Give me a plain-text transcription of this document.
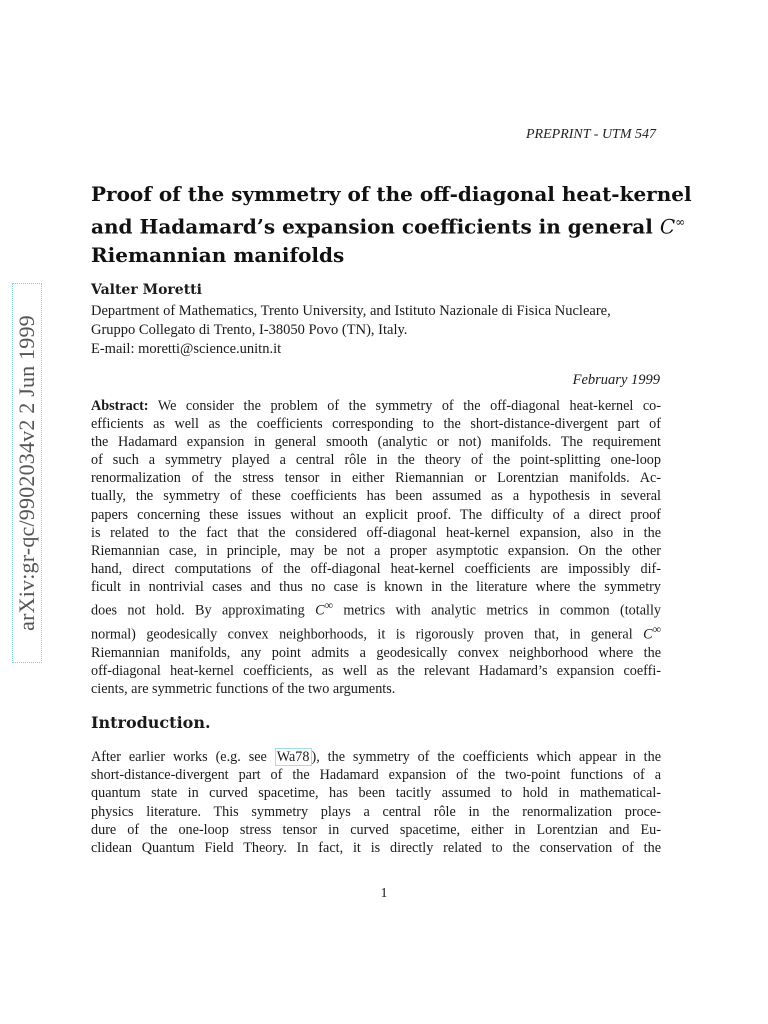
arXiv:gr-qc/9902034v2 2 Jun 1999
PREPRINT - UTM 547
Proof of the symmetry of the off-diagonal heat-kernel
and Hadamard’s expansion coefficients in general C∞
Riemannian manifolds
Valter Moretti
Department of Mathematics, Trento University, and Istituto Nazionale di Fisica Nucleare,
Gruppo Collegato di Trento, I-38050 Povo (TN), Italy.
E-mail: moretti@science.unitn.it
February 1999
Abstract: We consider the problem of the symmetry of the off-diagonal heat-kernel co-
efficients as well as the coefficients corresponding to the short-distance-divergent part of
the Hadamard expansion in general smooth (analytic or not) manifolds. The requirement
of such a symmetry played a central rôle in the theory of the point-splitting one-loop
renormalization of the stress tensor in either Riemannian or Lorentzian manifolds. Ac-
tually, the symmetry of these coefficients has been assumed as a hypothesis in several
papers concerning these issues without an explicit proof. The difficulty of a direct proof
is related to the fact that the considered off-diagonal heat-kernel expansion, also in the
Riemannian case, in principle, may be not a proper asymptotic expansion. On the other
hand, direct computations of the off-diagonal heat-kernel coefficients are impossibly dif-
ficult in nontrivial cases and thus no case is known in the literature where the symmetry
does not hold. By approximating C∞ metrics with analytic metrics in common (totally
normal) geodesically convex neighborhoods, it is rigorously proven that, in general C∞
Riemannian manifolds, any point admits a geodesically convex neighborhood where the
off-diagonal heat-kernel coefficients, as well as the relevant Hadamard’s expansion coeffi-
cients, are symmetric functions of the two arguments.
Introduction.
After earlier works (e.g. see Wa78 ), the symmetry of the coefficients which appear in the
short-distance-divergent part of the Hadamard expansion of the two-point functions of a
quantum state in curved spacetime, has been tacitly assumed to hold in mathematical-
physics literature. This symmetry plays a central rôle in the renormalization proce-
dure of the one-loop stress tensor in curved spacetime, either in Lorentzian and Eu-
clidean Quantum Field Theory. In fact, it is directly related to the conservation of the
1
